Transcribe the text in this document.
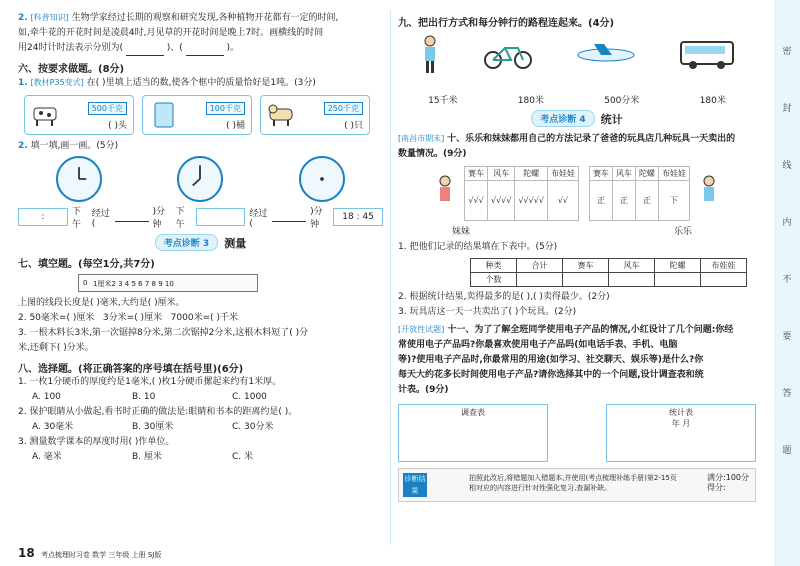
2. [科普知识] 生物学家经过长期的观察和研究发现,各种植物开花都有一定的时间,
如,牵牛花的开花时间是凌晨4时,月见草的开花时间是晚上7时。画横线的时间
用24时计时法表示分别为(	)、(	)。
六、按要求做题。(8分)
1. [教材P35变式] 在( )里填上适当的数,使各个框中的质量恰好是1吨。(3分)
500千克
( )头
100千克
( )桶
250千克
( )只
2. 填一填,画一画。(5分)
:	下午
经过(
)分钟
下午
经过(
)分钟
18 : 45
考点诊断 3	测量
七、填空题。(每空1分,共7分)
0 1厘米2 3 4 5 6 7 8 9 10
上图的线段长度是( )毫米,大约是( )厘米。
2. 50毫米=( )厘米 3分米=( )厘米 7000米=( )千米
3. 一根木料长3米,第一次锯掉8分米,第二次锯掉2分米,这根木料短了( )分
米,还剩下( )分米。
八、选择题。(将正确答案的序号填在括号里)(6分)
1. 一枚1分硬币的厚度约是1毫米,( )枚1分硬币摞起来约有1米厚。
A. 100	B. 10	C. 1000
2. 保护眼睛从小做起,看书时正确的做法是:眼睛和书本的距离约是( )。
A. 30毫米	B. 30厘米	C. 30分米
3. 测量数学课本的厚度时用( )作单位。
A. 毫米	B. 厘米	C. 米
18 考点梳理时习卷 数学 三年级 上册 SJ版
九、把出行方式和每分钟行的路程连起来。(4分)
15千米	180米	500分米	180米
考点诊断 4	统计
[南昌市期末] 十、乐乐和妹妹都用自己的方法记录了爸爸的玩具店几种玩具一天卖出的
数量情况。(9分)
赛车	风车	陀螺	布娃娃
√√√	√√√√	√√√√√	√√
赛车	风车	陀螺	布娃娃
正	正	正	下
妹妹	乐乐
1. 把他们记录的结果填在下表中。(5分)
种类	合计	赛车	风车	陀螺	布娃娃
个数					
2. 根据统计结果,卖得最多的是( ),( )卖得最少。(2分)
3. 玩具店这一天一共卖出了( )个玩具。(2分)
[开放性试题] 十一、为了了解全班同学使用电子产品的情况,小红设计了几个问题:你经
常使用电子产品吗?你最喜欢使用电子产品吗(如电话手表、手机、电脑
等)?使用电子产品时,你最常用的用途(如学习、社交聊天、娱乐等)是什么?你
每天大约花多长时间使用电子产品?请你选择其中的一个问题,设计调查表和统
计表。(9分)
调查表	统计表
年 月
诊断结果
拍照此改后,将错题加入错题本,并使用(考点梳理补练手册)第2-15页
相对应的内容进行针对性强化复习,查漏补缺。
满分:100分
得分:
密
封
线
内
不
要
答
题
